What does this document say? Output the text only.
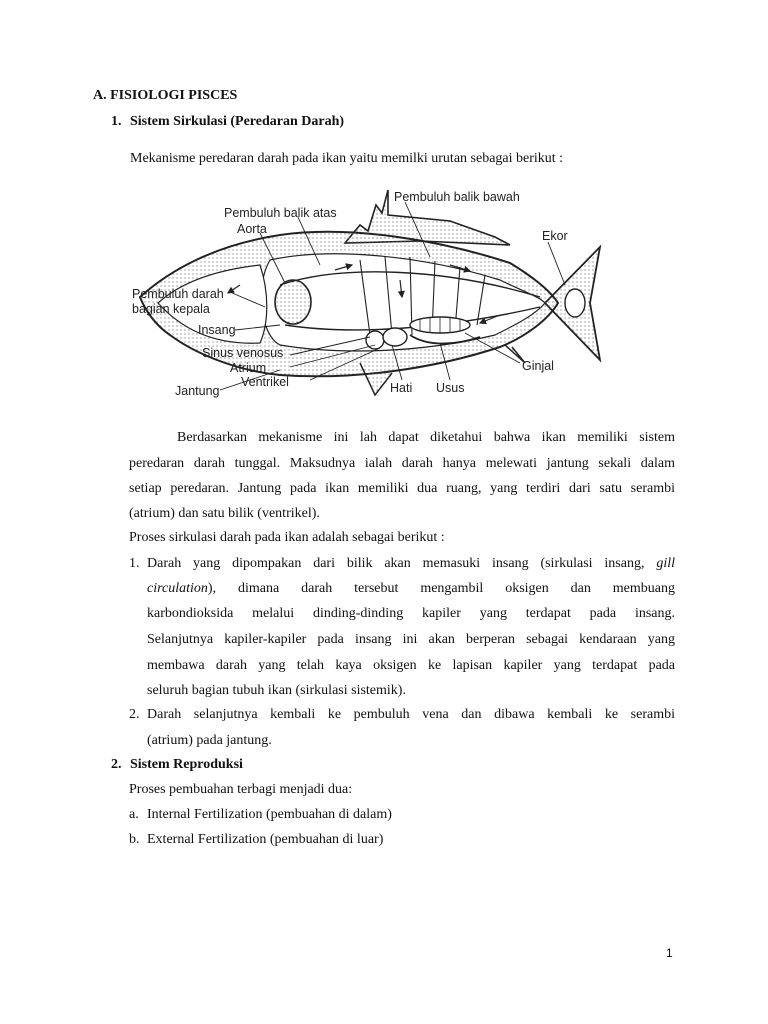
A. FISIOLOGI PISCES
1. Sistem Sirkulasi (Peredaran Darah)
Mekanisme peredaran darah pada ikan yaitu memilki urutan sebagai berikut :
Pembuluh balik atas
Aorta
Pembuluh balik bawah
Ekor
Pembuluh darah
bagian kepala
Insang
Sinus venosus
Atrium
Ventrikel
Jantung	Hati Usus
Ginjal
Berdasarkan mekanisme ini lah dapat diketahui bahwa ikan memiliki sistem
peredaran darah tunggal. Maksudnya ialah darah hanya melewati jantung sekali dalam
setiap peredaran. Jantung pada ikan memiliki dua ruang, yang terdiri dari satu serambi
(atrium) dan satu bilik (ventrikel).
Proses sirkulasi darah pada ikan adalah sebagai berikut :
1. Darah yang dipompakan dari bilik akan memasuki insang (sirkulasi insang, gill
circulation), dimana darah tersebut mengambil oksigen dan membuang
karbondioksida melalui dinding-dinding kapiler yang terdapat pada insang.
Selanjutnya kapiler-kapiler pada insang ini akan berperan sebagai kendaraan yang
membawa darah yang telah kaya oksigen ke lapisan kapiler yang terdapat pada
seluruh bagian tubuh ikan (sirkulasi sistemik).
2. Darah selanjutnya kembali ke pembuluh vena dan dibawa kembali ke serambi
(atrium) pada jantung.
2. Sistem Reproduksi
Proses pembuahan terbagi menjadi dua:
a. Internal Fertilization (pembuahan di dalam)
b. External Fertilization (pembuahan di luar)
1
